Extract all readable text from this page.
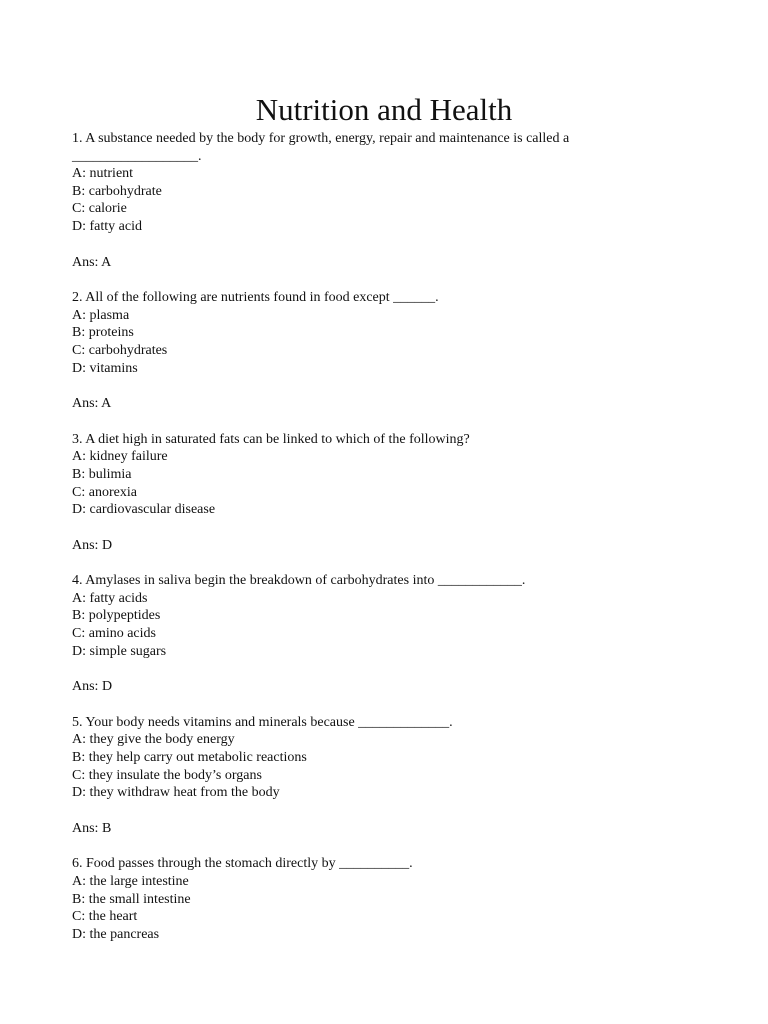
Nutrition and Health
1. A substance needed by the body for growth, energy, repair and maintenance is called a __________________.
A: nutrient
B: carbohydrate
C: calorie
D: fatty acid
Ans: A
2. All of the following are nutrients found in food except ______.
A: plasma
B: proteins
C: carbohydrates
D: vitamins
Ans: A
3. A diet high in saturated fats can be linked to which of the following?
A: kidney failure
B: bulimia
C: anorexia
D: cardiovascular disease
Ans: D
4. Amylases in saliva begin the breakdown of carbohydrates into ____________.
A: fatty acids
B: polypeptides
C: amino acids
D: simple sugars
Ans: D
5. Your body needs vitamins and minerals because _____________.
A: they give the body energy
B: they help carry out metabolic reactions
C: they insulate the body’s organs
D: they withdraw heat from the body
Ans: B
6. Food passes through the stomach directly by __________.
A: the large intestine
B: the small intestine
C: the heart
D: the pancreas
